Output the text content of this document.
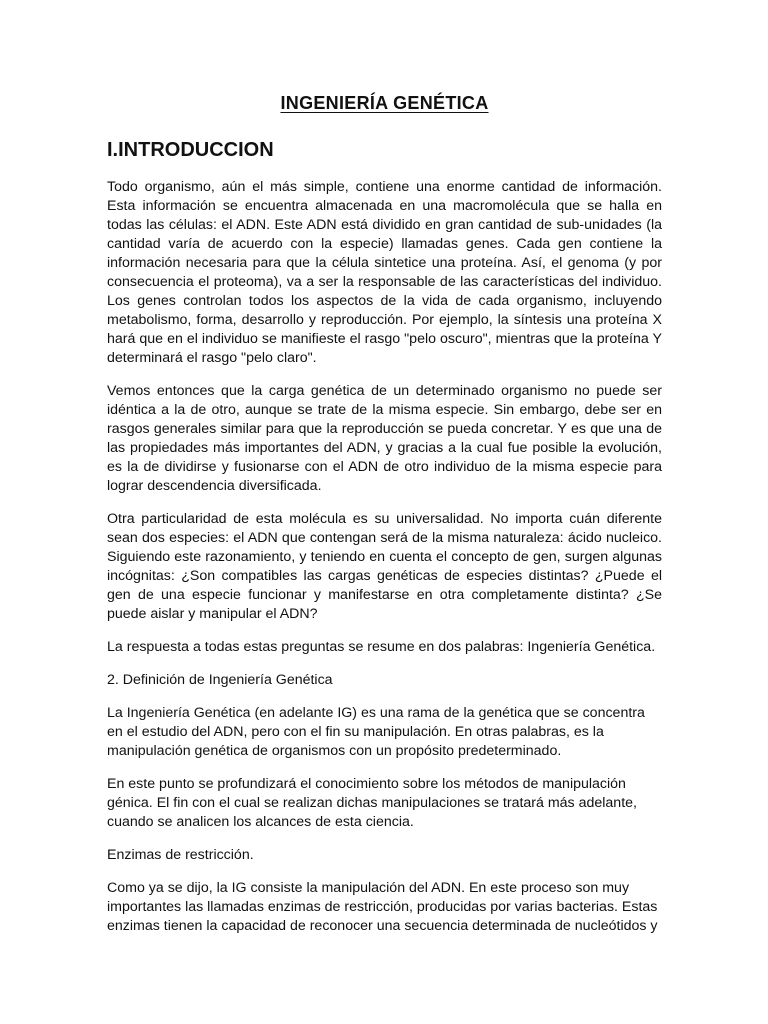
INGENIERÍA GENÉTICA
I.INTRODUCCION

Todo organismo, aún el más simple, contiene una enorme cantidad de información. Esta información se encuentra almacenada en una macromolécula que se halla en todas las células: el ADN. Este ADN está dividido en gran cantidad de sub-unidades (la cantidad varía de acuerdo con la especie) llamadas genes. Cada gen contiene la información necesaria para que la célula sintetice una proteína. Así, el genoma (y por consecuencia el proteoma), va a ser la responsable de las características del individuo. Los genes controlan todos los aspectos de la vida de cada organismo, incluyendo metabolismo, forma, desarrollo y reproducción. Por ejemplo, la síntesis una proteína X hará que en el individuo se manifieste el rasgo "pelo oscuro", mientras que la proteína Y determinará el rasgo "pelo claro".

Vemos entonces que la carga genética de un determinado organismo no puede ser idéntica a la de otro, aunque se trate de la misma especie. Sin embargo, debe ser en rasgos generales similar para que la reproducción se pueda concretar. Y es que una de las propiedades más importantes del ADN, y gracias a la cual fue posible la evolución, es la de dividirse y fusionarse con el ADN de otro individuo de la misma especie para lograr descendencia diversificada.

Otra particularidad de esta molécula es su universalidad. No importa cuán diferente sean dos especies: el ADN que contengan será de la misma naturaleza: ácido nucleico. Siguiendo este razonamiento, y teniendo en cuenta el concepto de gen, surgen algunas incógnitas: ¿Son compatibles las cargas genéticas de especies distintas? ¿Puede el gen de una especie funcionar y manifestarse en otra completamente distinta? ¿Se puede aislar y manipular el ADN?

La respuesta a todas estas preguntas se resume en dos palabras: Ingeniería Genética.

2. Definición de Ingeniería Genética

La Ingeniería Genética (en adelante IG) es una rama de la genética que se concentra en el estudio del ADN, pero con el fin su manipulación. En otras palabras, es la manipulación genética de organismos con un propósito predeterminado.

En este punto se profundizará el conocimiento sobre los métodos de manipulación génica. El fin con el cual se realizan dichas manipulaciones se tratará más adelante, cuando se analicen los alcances de esta ciencia.

Enzimas de restricción.

Como ya se dijo, la IG consiste la manipulación del ADN. En este proceso son muy importantes las llamadas enzimas de restricción, producidas por varias bacterias. Estas enzimas tienen la capacidad de reconocer una secuencia determinada de nucleótidos y
